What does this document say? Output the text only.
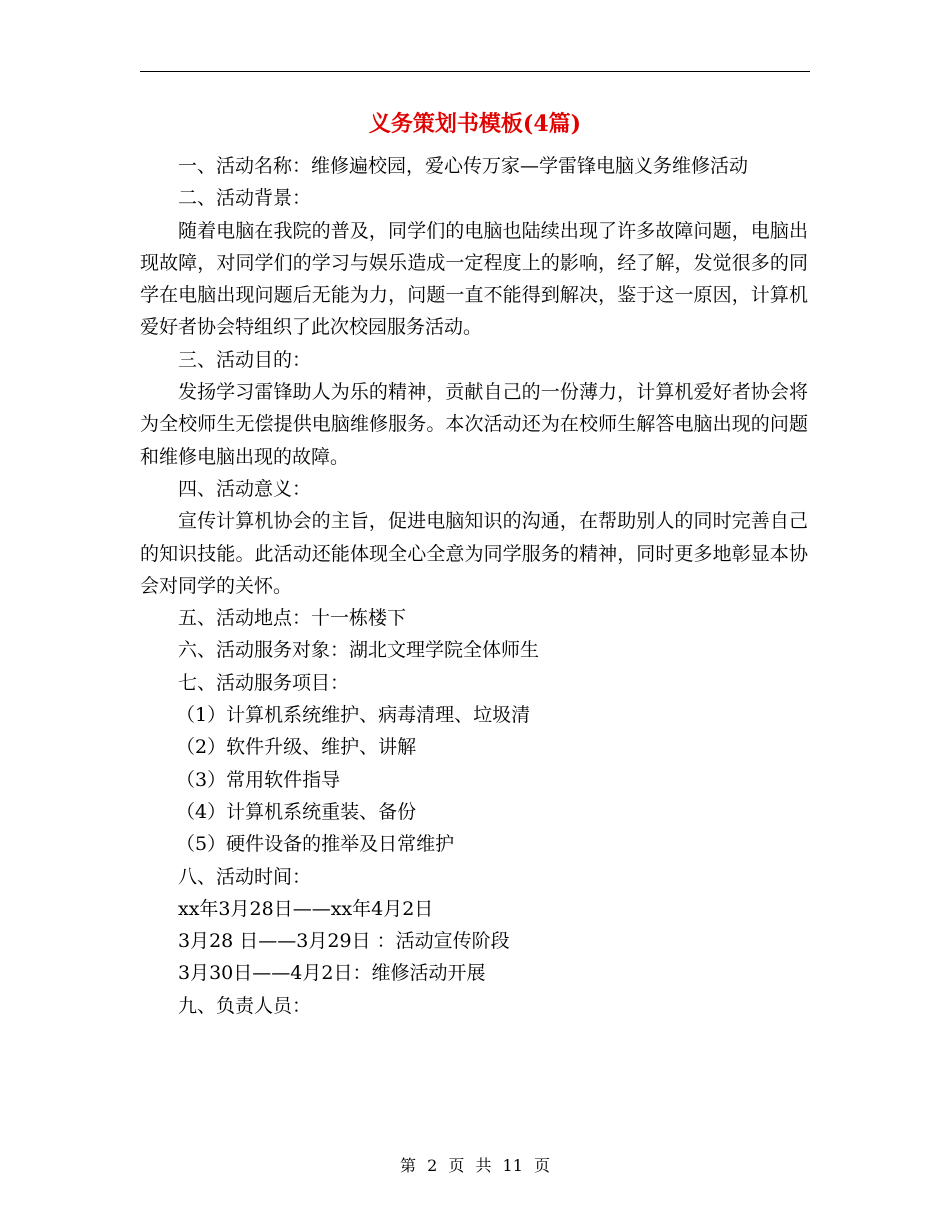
义务策划书模板(4篇)

一、活动名称：维修遍校园，爱心传万家—学雷锋电脑义务维修活动

二、活动背景：

随着电脑在我院的普及，同学们的电脑也陆续出现了许多故障问题，电脑出现故障，对同学们的学习与娱乐造成一定程度上的影响，经了解，发觉很多的同学在电脑出现问题后无能为力，问题一直不能得到解决，鉴于这一原因，计算机爱好者协会特组织了此次校园服务活动。

三、活动目的：

发扬学习雷锋助人为乐的精神，贡献自己的一份薄力，计算机爱好者协会将为全校师生无偿提供电脑维修服务。本次活动还为在校师生解答电脑出现的问题和维修电脑出现的故障。

四、活动意义：

宣传计算机协会的主旨，促进电脑知识的沟通，在帮助别人的同时完善自己的知识技能。此活动还能体现全心全意为同学服务的精神，同时更多地彰显本协会对同学的关怀。

五、活动地点：十一栋楼下

六、活动服务对象：湖北文理学院全体师生

七、活动服务项目：

（1）计算机系统维护、病毒清理、垃圾清

（2）软件升级、维护、讲解

（3）常用软件指导

（4）计算机系统重装、备份

（5）硬件设备的推举及日常维护

八、活动时间：

xx年3月28日——xx年4月2日

3月28 日——3月29日 ：活动宣传阶段

3月30日——4月2日：维修活动开展

九、负责人员：

第 2 页 共 11 页
